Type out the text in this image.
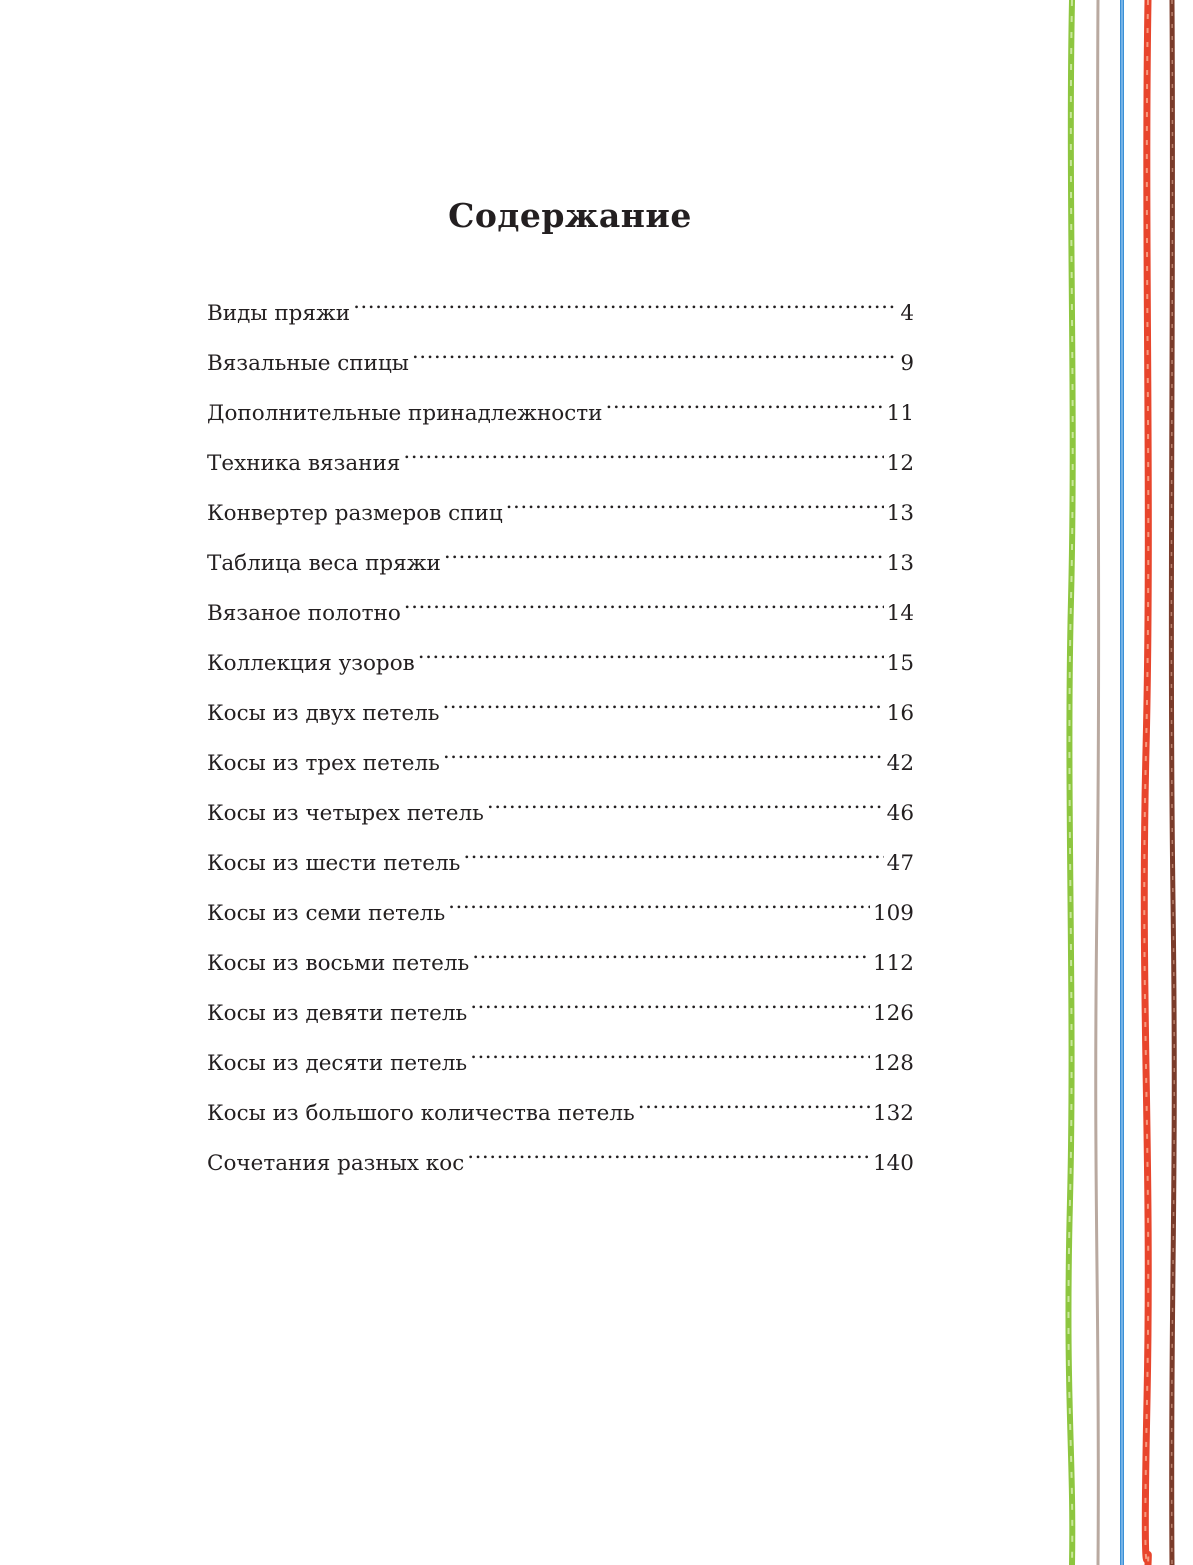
Содержание
Виды пряжи .....	4
Вязальные спицы .....	9
Дополнительные принадлежности .....	11
Техника вязания .....	12
Конвертер размеров спиц .....	13
Таблица веса пряжи .....	13
Вязаное полотно .....	14
Коллекция узоров .....	15
Косы из двух петель .....	16
Косы из трех петель .....	42
Косы из четырех петель .....	46
Косы из шести петель .....	47
Косы из семи петель .....	109
Косы из восьми петель .....	112
Косы из девяти петель .....	126
Косы из десяти петель .....	128
Косы из большого количества петель .....	132
Сочетания разных кос .....	140
